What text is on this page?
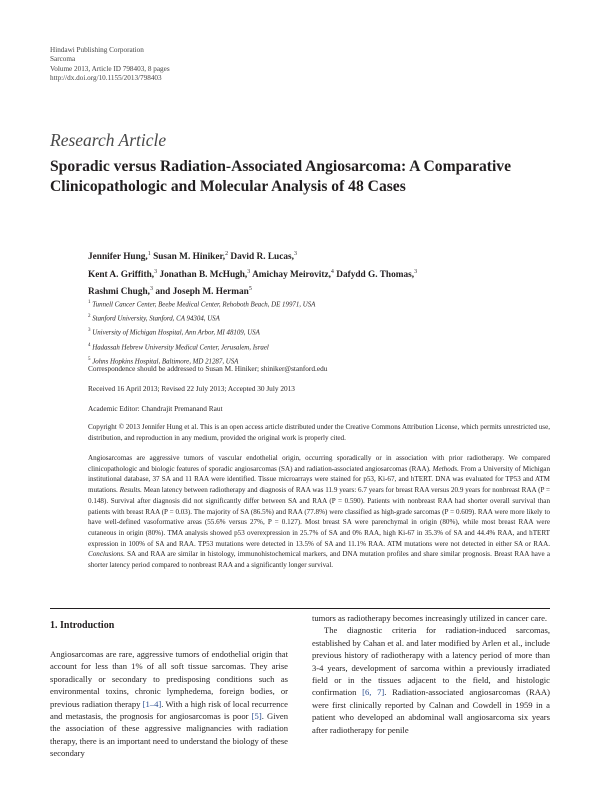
Hindawi Publishing Corporation
Sarcoma
Volume 2013, Article ID 798403, 8 pages
http://dx.doi.org/10.1155/2013/798403
Research Article
Sporadic versus Radiation-Associated Angiosarcoma: A Comparative Clinicopathologic and Molecular Analysis of 48 Cases
Jennifer Hung,$^1$ Susan M. Hiniker,$^2$ David R. Lucas,$^3$
Kent A. Griffith,$^3$ Jonathan B. McHugh,$^3$ Amichay Meirovitz,$^4$ Dafydd G. Thomas,$^3$
Rashmi Chugh,$^3$ and Joseph M. Herman$^5$
$^1$ Tunnell Cancer Center, Beebe Medical Center, Rehoboth Beach, DE 19971, USA
$^2$ Stanford University, Stanford, CA 94304, USA
$^3$ University of Michigan Hospital, Ann Arbor, MI 48109, USA
$^4$ Hadassah Hebrew University Medical Center, Jerusalem, Israel
$^5$ Johns Hopkins Hospital, Baltimore, MD 21287, USA
Correspondence should be addressed to Susan M. Hiniker; shiniker@stanford.edu
Received 16 April 2013; Revised 22 July 2013; Accepted 30 July 2013
Academic Editor: Chandrajit Premanand Raut
Copyright © 2013 Jennifer Hung et al. This is an open access article distributed under the Creative Commons Attribution License, which permits unrestricted use, distribution, and reproduction in any medium, provided the original work is properly cited.
Angiosarcomas are aggressive tumors of vascular endothelial origin, occurring sporadically or in association with prior radiotherapy. We compared clinicopathologic and biologic features of sporadic angiosarcomas (SA) and radiation-associated angiosarcomas (RAA). Methods. From a University of Michigan institutional database, 37 SA and 11 RAA were identified. Tissue microarrays were stained for p53, Ki-67, and hTERT. DNA was evaluated for TP53 and ATM mutations. Results. Mean latency between radiotherapy and diagnosis of RAA was 11.9 years: 6.7 years for breast RAA versus 20.9 years for nonbreast RAA (P = 0.148). Survival after diagnosis did not significantly differ between SA and RAA (P = 0.590). Patients with nonbreast RAA had shorter overall survival than patients with breast RAA (P = 0.03). The majority of SA (86.5%) and RAA (77.8%) were classified as high-grade sarcomas (P = 0.609). RAA were more likely to have well-defined vasoformative areas (55.6% versus 27%, P = 0.127). Most breast SA were parenchymal in origin (80%), while most breast RAA were cutaneous in origin (80%). TMA analysis showed p53 overexpression in 25.7% of SA and 0% RAA, high Ki-67 in 35.3% of SA and 44.4% RAA, and hTERT expression in 100% of SA and RAA. TP53 mutations were detected in 13.5% of SA and 11.1% RAA. ATM mutations were not detected in either SA or RAA. Conclusions. SA and RAA are similar in histology, immunohistochemical markers, and DNA mutation profiles and share similar prognosis. Breast RAA have a shorter latency period compared to nonbreast RAA and a significantly longer survival.
1. Introduction

Angiosarcomas are rare, aggressive tumors of endothelial origin that account for less than 1% of all soft tissue sarcomas. They arise sporadically or secondary to predisposing conditions such as environmental toxins, chronic lymphedema, foreign bodies, or previous radiation therapy [1–4]. With a high risk of local recurrence and metastasis, the prognosis for angiosarcomas is poor [5]. Given the association of these aggressive malignancies with radiation therapy, there is an important need to understand the biology of these secondary

tumors as radiotherapy becomes increasingly utilized in cancer care.

The diagnostic criteria for radiation-induced sarcomas, established by Cahan et al. and later modified by Arlen et al., include previous history of radiotherapy with a latency period of more than 3-4 years, development of sarcoma within a previously irradiated field or in the tissues adjacent to the field, and histologic confirmation [6, 7]. Radiation-associated angiosarcomas (RAA) were first clinically reported by Calnan and Cowdell in 1959 in a patient who developed an abdominal wall angiosarcoma six years after radiotherapy for penile
